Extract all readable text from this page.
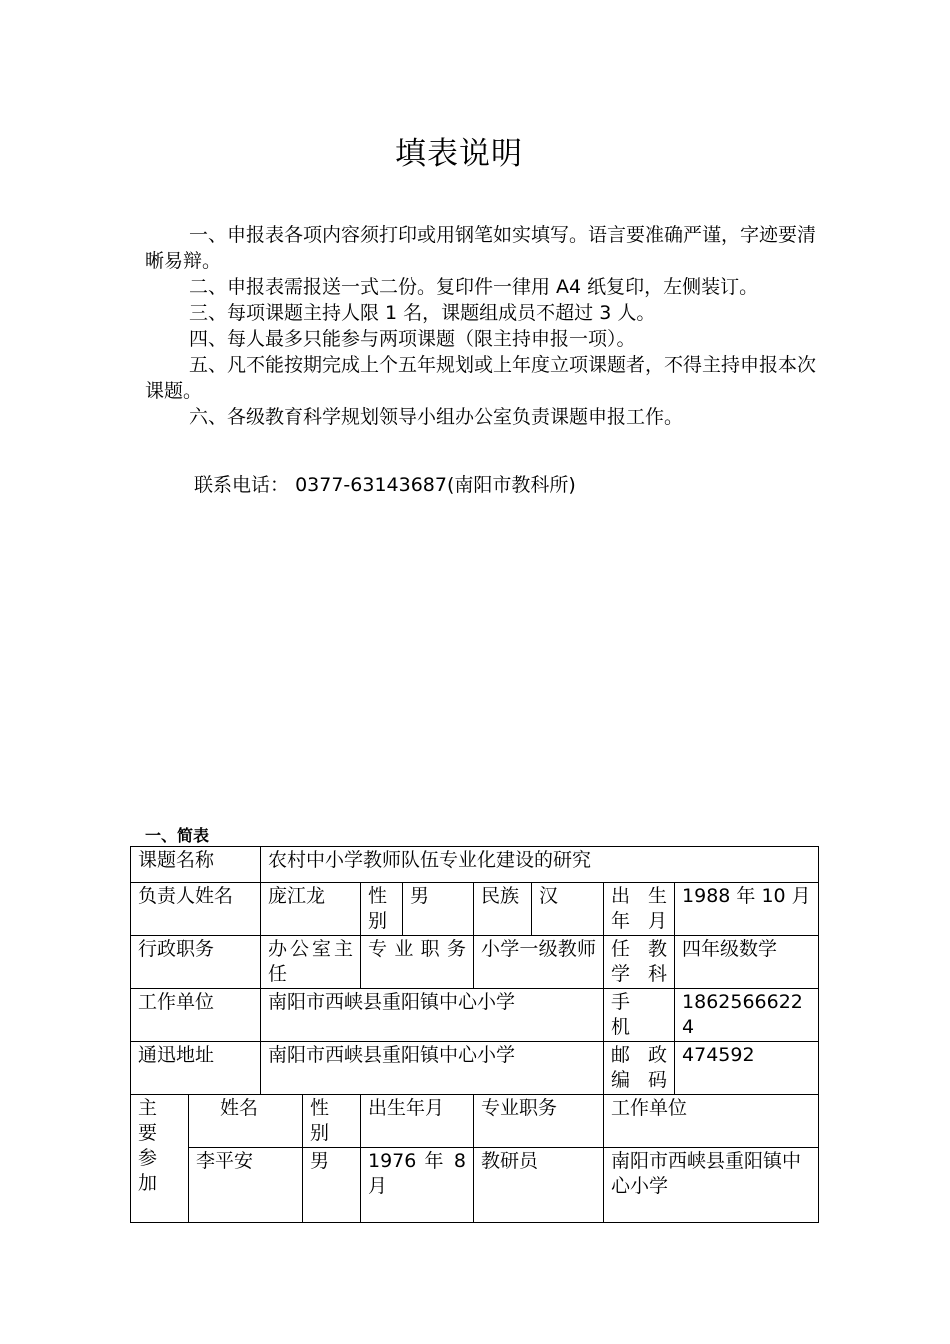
填表说明

一、申报表各项内容须打印或用钢笔如实填写。语言要准确严谨，字迹要清晰易辩。

二、申报表需报送一式二份。复印件一律用 A4 纸复印，左侧装订。

三、每项课题主持人限 1 名，课题组成员不超过 3 人。

四、每人最多只能参与两项课题（限主持申报一项）。

五、凡不能按期完成上个五年规划或上年度立项课题者，不得主持申报本次课题。

六、各级教育科学规划领导小组办公室负责课题申报工作。

联系电话： 0377-63143687(南阳市教科所)
一、简表
课题名称		农村中小学教师队伍专业化建设的研究							
负责人姓名		庞江龙		性别	男	民族	汉	出生年月	1988 年 10 月
行政职务		办公室主任		专业职务		小学一级教师		任教学科	四年级数学
工作单位		南阳市西峡县重阳镇中心小学						手机	18625666224
通迅地址		南阳市西峡县重阳镇中心小学						邮政编码	474592
主要参加	姓名		性别	出生年月		专业职务		工作单位	
	李平安		男	1976 年 8 月		教研员		南阳市西峡县重阳镇中心小学	
